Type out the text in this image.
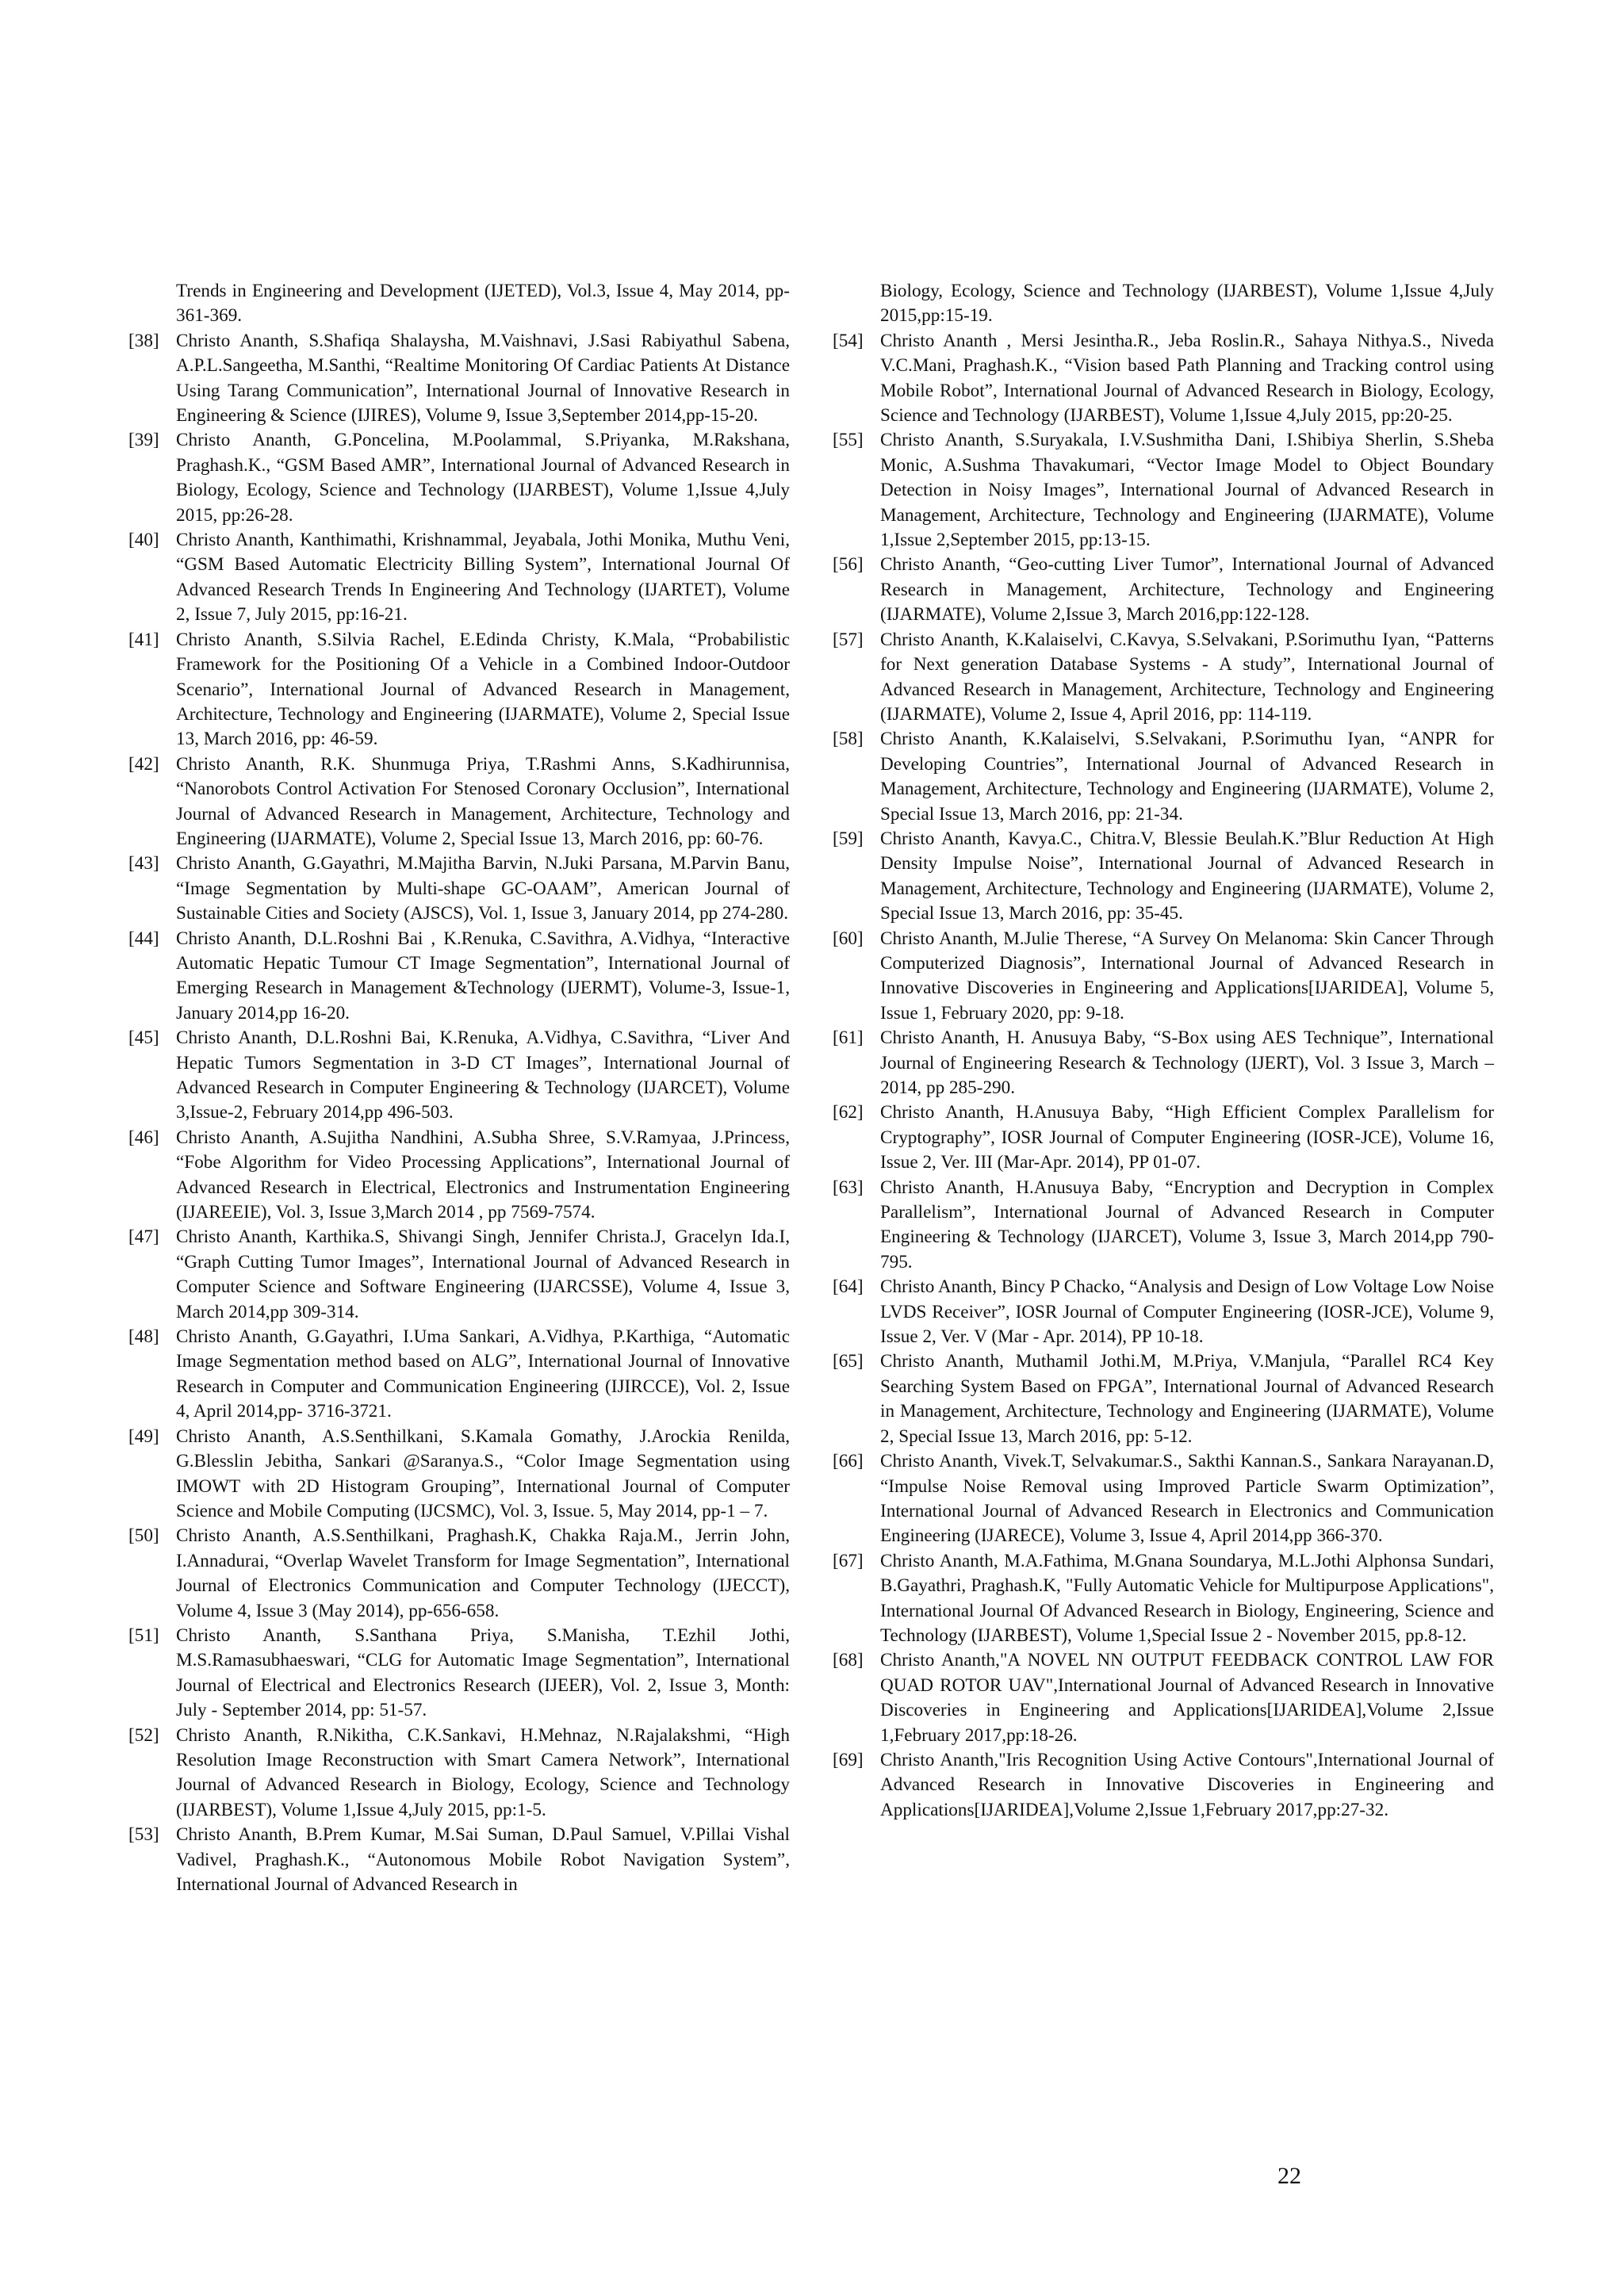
Trends in Engineering and Development (IJETED), Vol.3, Issue 4, May 2014, pp-361-369.

[38] Christo Ananth, S.Shafiqa Shalaysha, M.Vaishnavi, J.Sasi Rabiyathul Sabena, A.P.L.Sangeetha, M.Santhi, “Realtime Monitoring Of Cardiac Patients At Distance Using Tarang Communication”, International Journal of Innovative Research in Engineering & Science (IJIRES), Volume 9, Issue 3,September 2014,pp-15-20.
[39] Christo Ananth, G.Poncelina, M.Poolammal, S.Priyanka, M.Rakshana, Praghash.K., “GSM Based AMR”, International Journal of Advanced Research in Biology, Ecology, Science and Technology (IJARBEST), Volume 1,Issue 4,July 2015, pp:26-28.
[40] Christo Ananth, Kanthimathi, Krishnammal, Jeyabala, Jothi Monika, Muthu Veni, “GSM Based Automatic Electricity Billing System”, International Journal Of Advanced Research Trends In Engineering And Technology (IJARTET), Volume 2, Issue 7, July 2015, pp:16-21.
[41] Christo Ananth, S.Silvia Rachel, E.Edinda Christy, K.Mala, “Probabilistic Framework for the Positioning Of a Vehicle in a Combined Indoor-Outdoor Scenario”, International Journal of Advanced Research in Management, Architecture, Technology and Engineering (IJARMATE), Volume 2, Special Issue 13, March 2016, pp: 46-59.
[42] Christo Ananth, R.K. Shunmuga Priya, T.Rashmi Anns, S.Kadhirunnisa, “Nanorobots Control Activation For Stenosed Coronary Occlusion”, International Journal of Advanced Research in Management, Architecture, Technology and Engineering (IJARMATE), Volume 2, Special Issue 13, March 2016, pp: 60-76.
[43] Christo Ananth, G.Gayathri, M.Majitha Barvin, N.Juki Parsana, M.Parvin Banu, “Image Segmentation by Multi-shape GC-OAAM”, American Journal of Sustainable Cities and Society (AJSCS), Vol. 1, Issue 3, January 2014, pp 274-280.
[44] Christo Ananth, D.L.Roshni Bai , K.Renuka, C.Savithra, A.Vidhya, “Interactive Automatic Hepatic Tumour CT Image Segmentation”, International Journal of Emerging Research in Management &Technology (IJERMT), Volume-3, Issue-1, January 2014,pp 16-20.
[45] Christo Ananth, D.L.Roshni Bai, K.Renuka, A.Vidhya, C.Savithra, “Liver And Hepatic Tumors Segmentation in 3-D CT Images”, International Journal of Advanced Research in Computer Engineering & Technology (IJARCET), Volume 3,Issue-2, February 2014,pp 496-503.
[46] Christo Ananth, A.Sujitha Nandhini, A.Subha Shree, S.V.Ramyaa, J.Princess, “Fobe Algorithm for Video Processing Applications”, International Journal of Advanced Research in Electrical, Electronics and Instrumentation Engineering (IJAREEIE), Vol. 3, Issue 3,March 2014 , pp 7569-7574.
[47] Christo Ananth, Karthika.S, Shivangi Singh, Jennifer Christa.J, Gracelyn Ida.I, “Graph Cutting Tumor Images”, International Journal of Advanced Research in Computer Science and Software Engineering (IJARCSSE), Volume 4, Issue 3, March 2014,pp 309-314.
[48] Christo Ananth, G.Gayathri, I.Uma Sankari, A.Vidhya, P.Karthiga, “Automatic Image Segmentation method based on ALG”, International Journal of Innovative Research in Computer and Communication Engineering (IJIRCCE), Vol. 2, Issue 4, April 2014,pp- 3716-3721.
[49] Christo Ananth, A.S.Senthilkani, S.Kamala Gomathy, J.Arockia Renilda, G.Blesslin Jebitha, Sankari @Saranya.S., “Color Image Segmentation using IMOWT with 2D Histogram Grouping”, International Journal of Computer Science and Mobile Computing (IJCSMC), Vol. 3, Issue. 5, May 2014, pp-1 – 7.
[50] Christo Ananth, A.S.Senthilkani, Praghash.K, Chakka Raja.M., Jerrin John, I.Annadurai, “Overlap Wavelet Transform for Image Segmentation”, International Journal of Electronics Communication and Computer Technology (IJECCT), Volume 4, Issue 3 (May 2014), pp-656-658.
[51] Christo Ananth, S.Santhana Priya, S.Manisha, T.Ezhil Jothi, M.S.Ramasubhaeswari, “CLG for Automatic Image Segmentation”, International Journal of Electrical and Electronics Research (IJEER), Vol. 2, Issue 3, Month: July - September 2014, pp: 51-57.
[52] Christo Ananth, R.Nikitha, C.K.Sankavi, H.Mehnaz, N.Rajalakshmi, “High Resolution Image Reconstruction with Smart Camera Network”, International Journal of Advanced Research in Biology, Ecology, Science and Technology (IJARBEST), Volume 1,Issue 4,July 2015, pp:1-5.
[53] Christo Ananth, B.Prem Kumar, M.Sai Suman, D.Paul Samuel, V.Pillai Vishal Vadivel, Praghash.K., “Autonomous Mobile Robot Navigation System”, International Journal of Advanced Research in

Biology, Ecology, Science and Technology (IJARBEST), Volume 1,Issue 4,July 2015,pp:15-19.

[54] Christo Ananth , Mersi Jesintha.R., Jeba Roslin.R., Sahaya Nithya.S., Niveda V.C.Mani, Praghash.K., “Vision based Path Planning and Tracking control using Mobile Robot”, International Journal of Advanced Research in Biology, Ecology, Science and Technology (IJARBEST), Volume 1,Issue 4,July 2015, pp:20-25.
[55] Christo Ananth, S.Suryakala, I.V.Sushmitha Dani, I.Shibiya Sherlin, S.Sheba Monic, A.Sushma Thavakumari, “Vector Image Model to Object Boundary Detection in Noisy Images”, International Journal of Advanced Research in Management, Architecture, Technology and Engineering (IJARMATE), Volume 1,Issue 2,September 2015, pp:13-15.
[56] Christo Ananth, “Geo-cutting Liver Tumor”, International Journal of Advanced Research in Management, Architecture, Technology and Engineering (IJARMATE), Volume 2,Issue 3, March 2016,pp:122-128.
[57] Christo Ananth, K.Kalaiselvi, C.Kavya, S.Selvakani, P.Sorimuthu Iyan, “Patterns for Next generation Database Systems - A study”, International Journal of Advanced Research in Management, Architecture, Technology and Engineering (IJARMATE), Volume 2, Issue 4, April 2016, pp: 114-119.
[58] Christo Ananth, K.Kalaiselvi, S.Selvakani, P.Sorimuthu Iyan, “ANPR for Developing Countries”, International Journal of Advanced Research in Management, Architecture, Technology and Engineering (IJARMATE), Volume 2, Special Issue 13, March 2016, pp: 21-34.
[59] Christo Ananth, Kavya.C., Chitra.V, Blessie Beulah.K.”Blur Reduction At High Density Impulse Noise”, International Journal of Advanced Research in Management, Architecture, Technology and Engineering (IJARMATE), Volume 2, Special Issue 13, March 2016, pp: 35-45.
[60] Christo Ananth, M.Julie Therese, “A Survey On Melanoma: Skin Cancer Through Computerized Diagnosis”, International Journal of Advanced Research in Innovative Discoveries in Engineering and Applications[IJARIDEA], Volume 5, Issue 1, February 2020, pp: 9-18.
[61] Christo Ananth, H. Anusuya Baby, “S-Box using AES Technique”, International Journal of Engineering Research & Technology (IJERT), Vol. 3 Issue 3, March – 2014, pp 285-290.
[62] Christo Ananth, H.Anusuya Baby, “High Efficient Complex Parallelism for Cryptography”, IOSR Journal of Computer Engineering (IOSR-JCE), Volume 16, Issue 2, Ver. III (Mar-Apr. 2014), PP 01-07.
[63] Christo Ananth, H.Anusuya Baby, “Encryption and Decryption in Complex Parallelism”, International Journal of Advanced Research in Computer Engineering & Technology (IJARCET), Volume 3, Issue 3, March 2014,pp 790-795.
[64] Christo Ananth, Bincy P Chacko, “Analysis and Design of Low Voltage Low Noise LVDS Receiver”, IOSR Journal of Computer Engineering (IOSR-JCE), Volume 9, Issue 2, Ver. V (Mar - Apr. 2014), PP 10-18.
[65] Christo Ananth, Muthamil Jothi.M, M.Priya, V.Manjula, “Parallel RC4 Key Searching System Based on FPGA”, International Journal of Advanced Research in Management, Architecture, Technology and Engineering (IJARMATE), Volume 2, Special Issue 13, March 2016, pp: 5-12.
[66] Christo Ananth, Vivek.T, Selvakumar.S., Sakthi Kannan.S., Sankara Narayanan.D, “Impulse Noise Removal using Improved Particle Swarm Optimization”, International Journal of Advanced Research in Electronics and Communication Engineering (IJARECE), Volume 3, Issue 4, April 2014,pp 366-370.
[67] Christo Ananth, M.A.Fathima, M.Gnana Soundarya, M.L.Jothi Alphonsa Sundari, B.Gayathri, Praghash.K, "Fully Automatic Vehicle for Multipurpose Applications", International Journal Of Advanced Research in Biology, Engineering, Science and Technology (IJARBEST), Volume 1,Special Issue 2 - November 2015, pp.8-12.
[68] Christo Ananth,"A NOVEL NN OUTPUT FEEDBACK CONTROL LAW FOR QUAD ROTOR UAV",International Journal of Advanced Research in Innovative Discoveries in Engineering and Applications[IJARIDEA],Volume 2,Issue 1,February 2017,pp:18-26.
[69] Christo Ananth,"Iris Recognition Using Active Contours",International Journal of Advanced Research in Innovative Discoveries in Engineering and Applications[IJARIDEA],Volume 2,Issue 1,February 2017,pp:27-32.
22
